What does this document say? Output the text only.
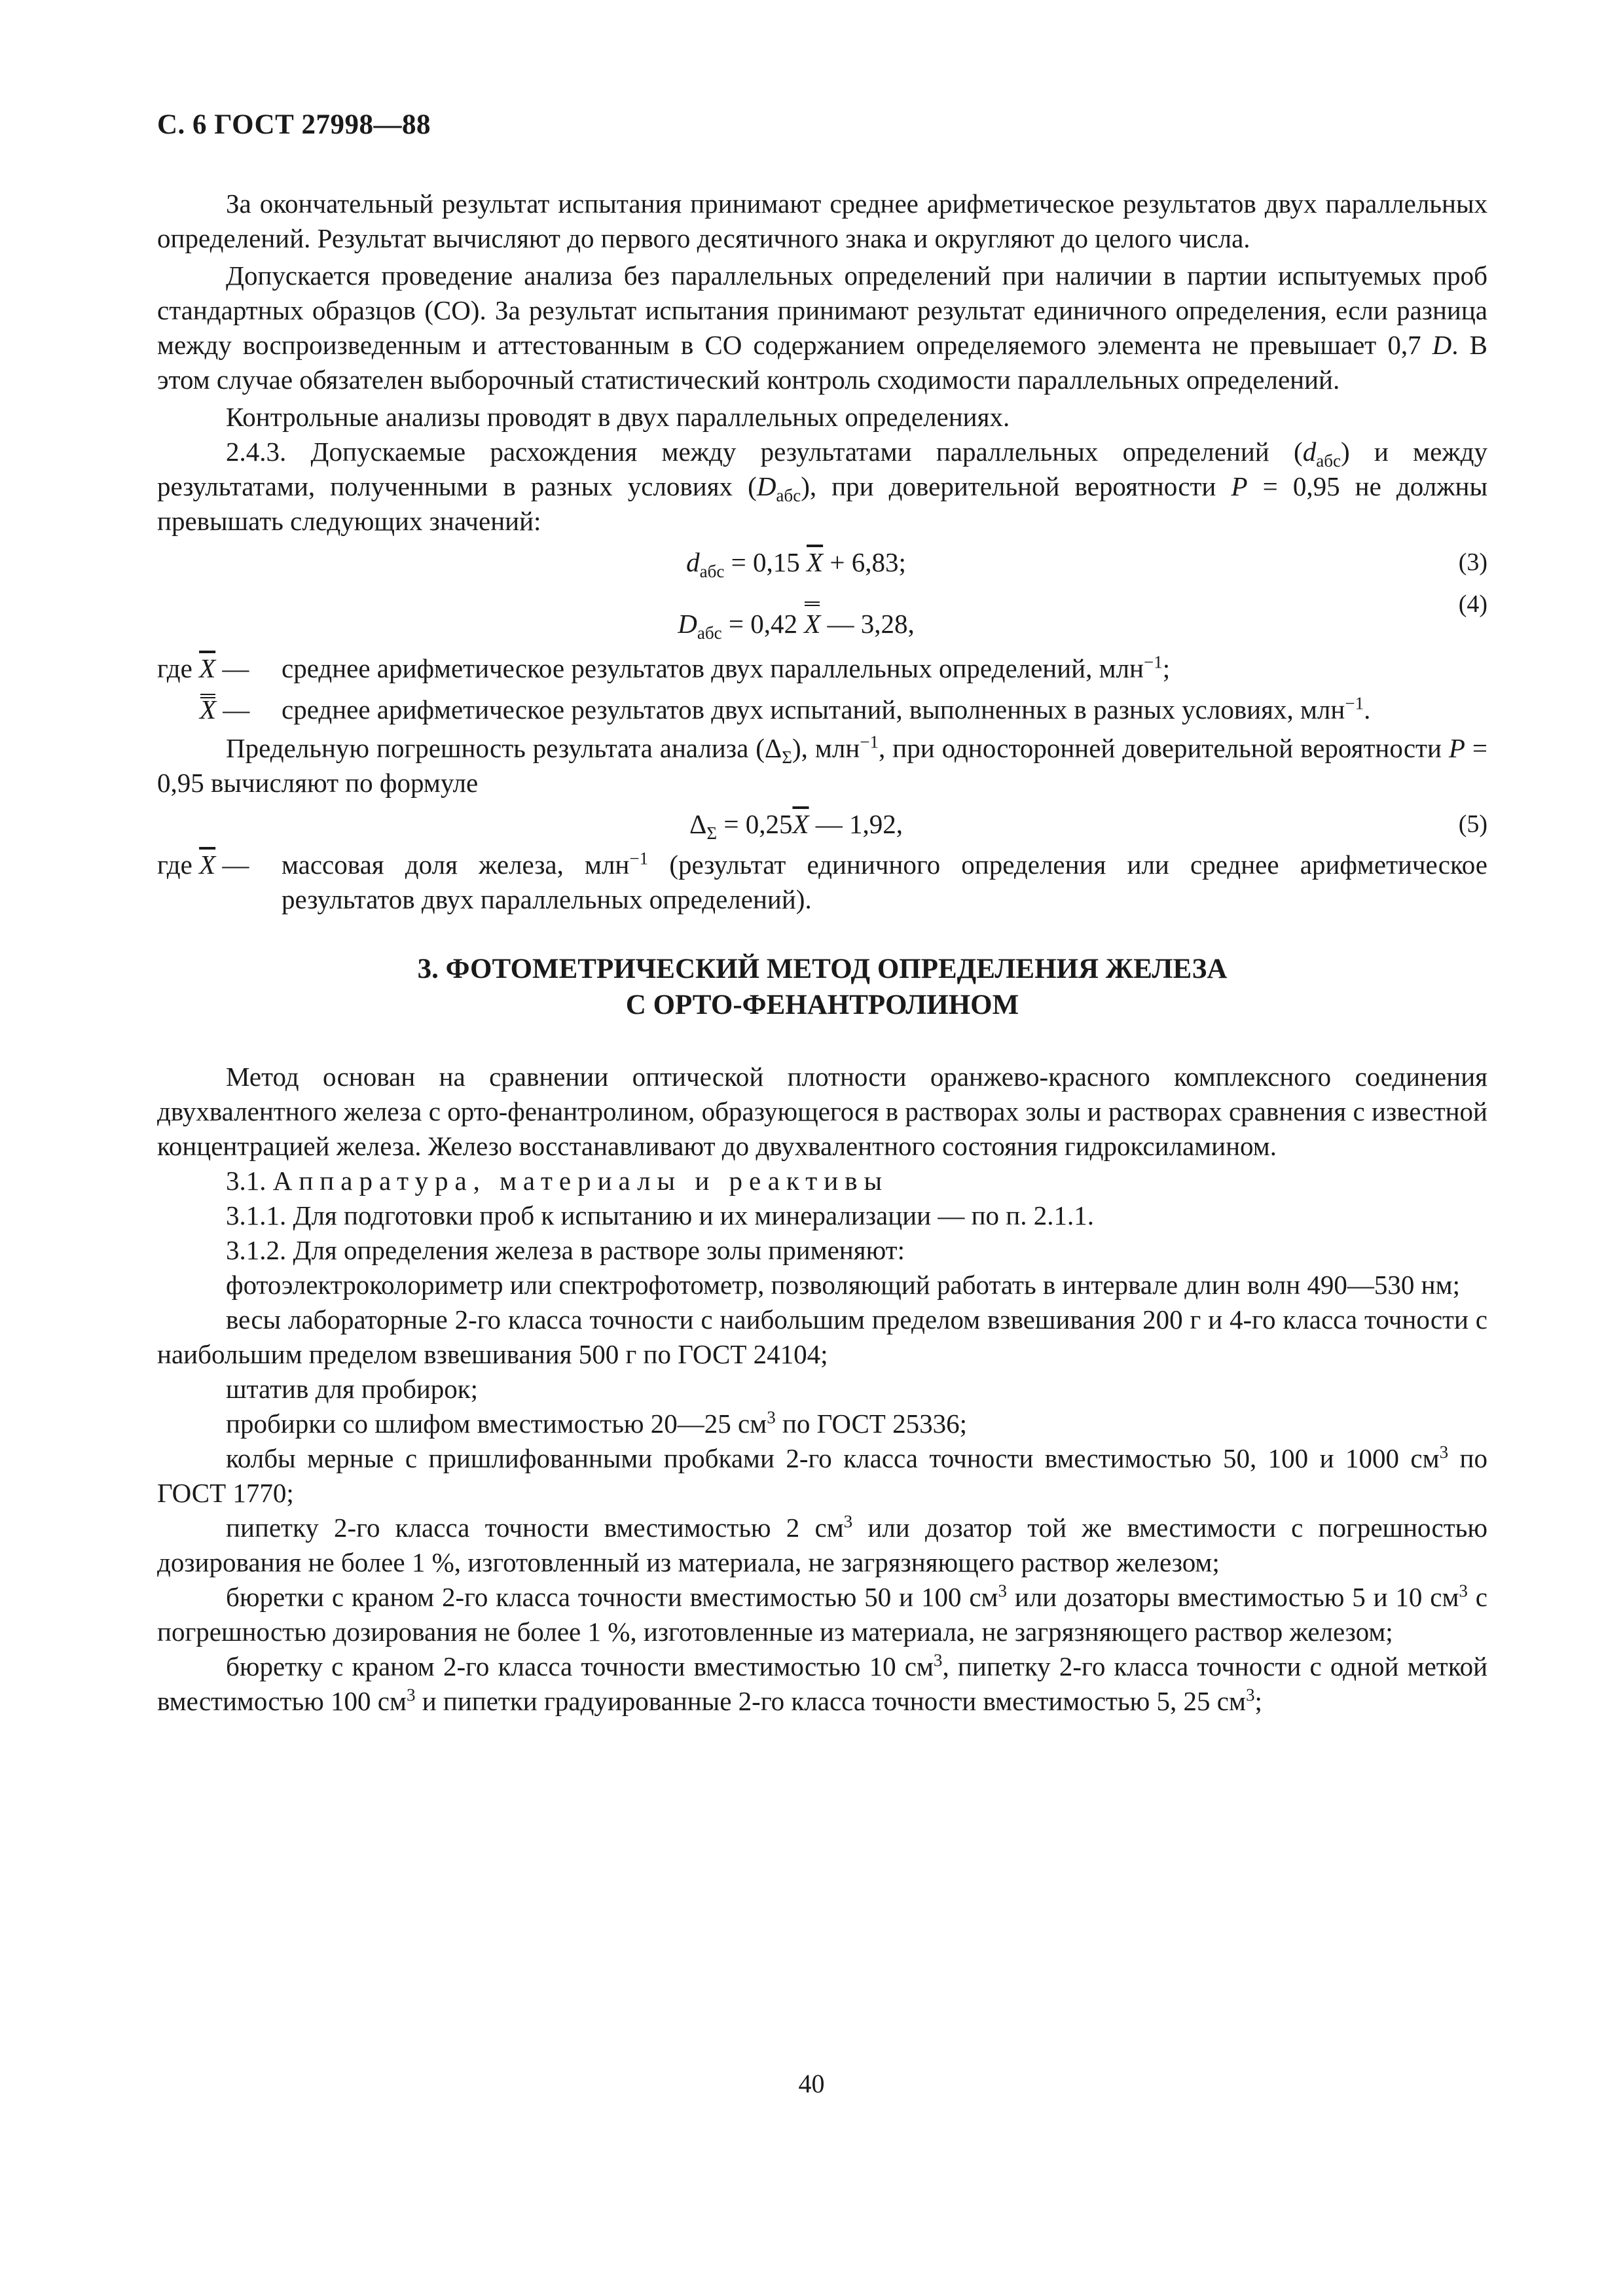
С. 6 ГОСТ 27998—88

За окончательный результат испытания принимают среднее арифметическое результатов двух параллельных определений. Результат вычисляют до первого десятичного знака и округляют до целого числа.

Допускается проведение анализа без параллельных определений при наличии в партии испытуемых проб стандартных образцов (СО). За результат испытания принимают результат единичного определения, если разница между воспроизведенным и аттестованным в СО содержанием определяемого элемента не превышает 0,7 D. В этом случае обязателен выборочный статистический контроль сходимости параллельных определений.

Контрольные анализы проводят в двух параллельных определениях.

2.4.3. Допускаемые расхождения между результатами параллельных определений $(d_{абс})$ и между результатами, полученными в разных условиях $(D_{абс})$, при доверительной вероятности P = 0,95 не должны превышать следующих значений:

$d_{абс} = 0,15$ $\overline{X} + 6,83$;	(3)
$D_{абс} = 0,42$ X — 3,28,
(4)
где $\overline{X}$ —	среднее арифметическое результатов двух параллельных определений, млн$^{-1}$;
X —	среднее арифметическое результатов двух испытаний, выполненных в разных условиях, млн$^{-1}$.

Предельную погрешность результата анализа $(\Delta_\Sigma)$, млн$^{-1}$, при односторонней доверительной вероятности P = 0,95 вычисляют по формуле

$\Delta_\Sigma = 0,25\overline{X}$ — 1,92,	(5)
где $\overline{X}$ —	массовая доля железа, млн$^{-1}$ (результат единичного определения или среднее арифметическое результатов двух параллельных определений).
3. ФОТОМЕТРИЧЕСКИЙ МЕТОД ОПРЕДЕЛЕНИЯ ЖЕЛЕЗА
С ОРТО-ФЕНАНТРОЛИНОМ

Метод основан на сравнении оптической плотности оранжево-красного комплексного соединения двухвалентного железа с орто-фенантролином, образующегося в растворах золы и растворах сравнения с известной концентрацией железа. Железо восстанавливают до двухвалентного состояния гидроксиламином.

3.1. Аппаратура, материалы и реактивы

3.1.1. Для подготовки проб к испытанию и их минерализации — по п. 2.1.1.

3.1.2. Для определения железа в растворе золы применяют:

фотоэлектроколориметр или спектрофотометр, позволяющий работать в интервале длин волн 490—530 нм;

весы лабораторные 2-го класса точности с наибольшим пределом взвешивания 200 г и 4-го класса точности с наибольшим пределом взвешивания 500 г по ГОСТ 24104;

штатив для пробирок;

пробирки со шлифом вместимостью 20—25 $см^3$ по ГОСТ 25336;

колбы мерные с пришлифованными пробками 2-го класса точности вместимостью 50, 100 и 1000 $см^3$ по ГОСТ 1770;

пипетку 2-го класса точности вместимостью 2 $см^3$ или дозатор той же вместимости с погрешностью дозирования не более 1 %, изготовленный из материала, не загрязняющего раствор железом;

бюретки с краном 2-го класса точности вместимостью 50 и 100 $см^3$ или дозаторы вместимостью 5 и 10 $см^3$ с погрешностью дозирования не более 1 %, изготовленные из материала, не загрязняющего раствор железом;

бюретку с краном 2-го класса точности вместимостью 10 $см^3$, пипетку 2-го класса точности с одной меткой вместимостью 100 $см^3$ и пипетки градуированные 2-го класса точности вместимостью 5, 25 $см^3$;

40
